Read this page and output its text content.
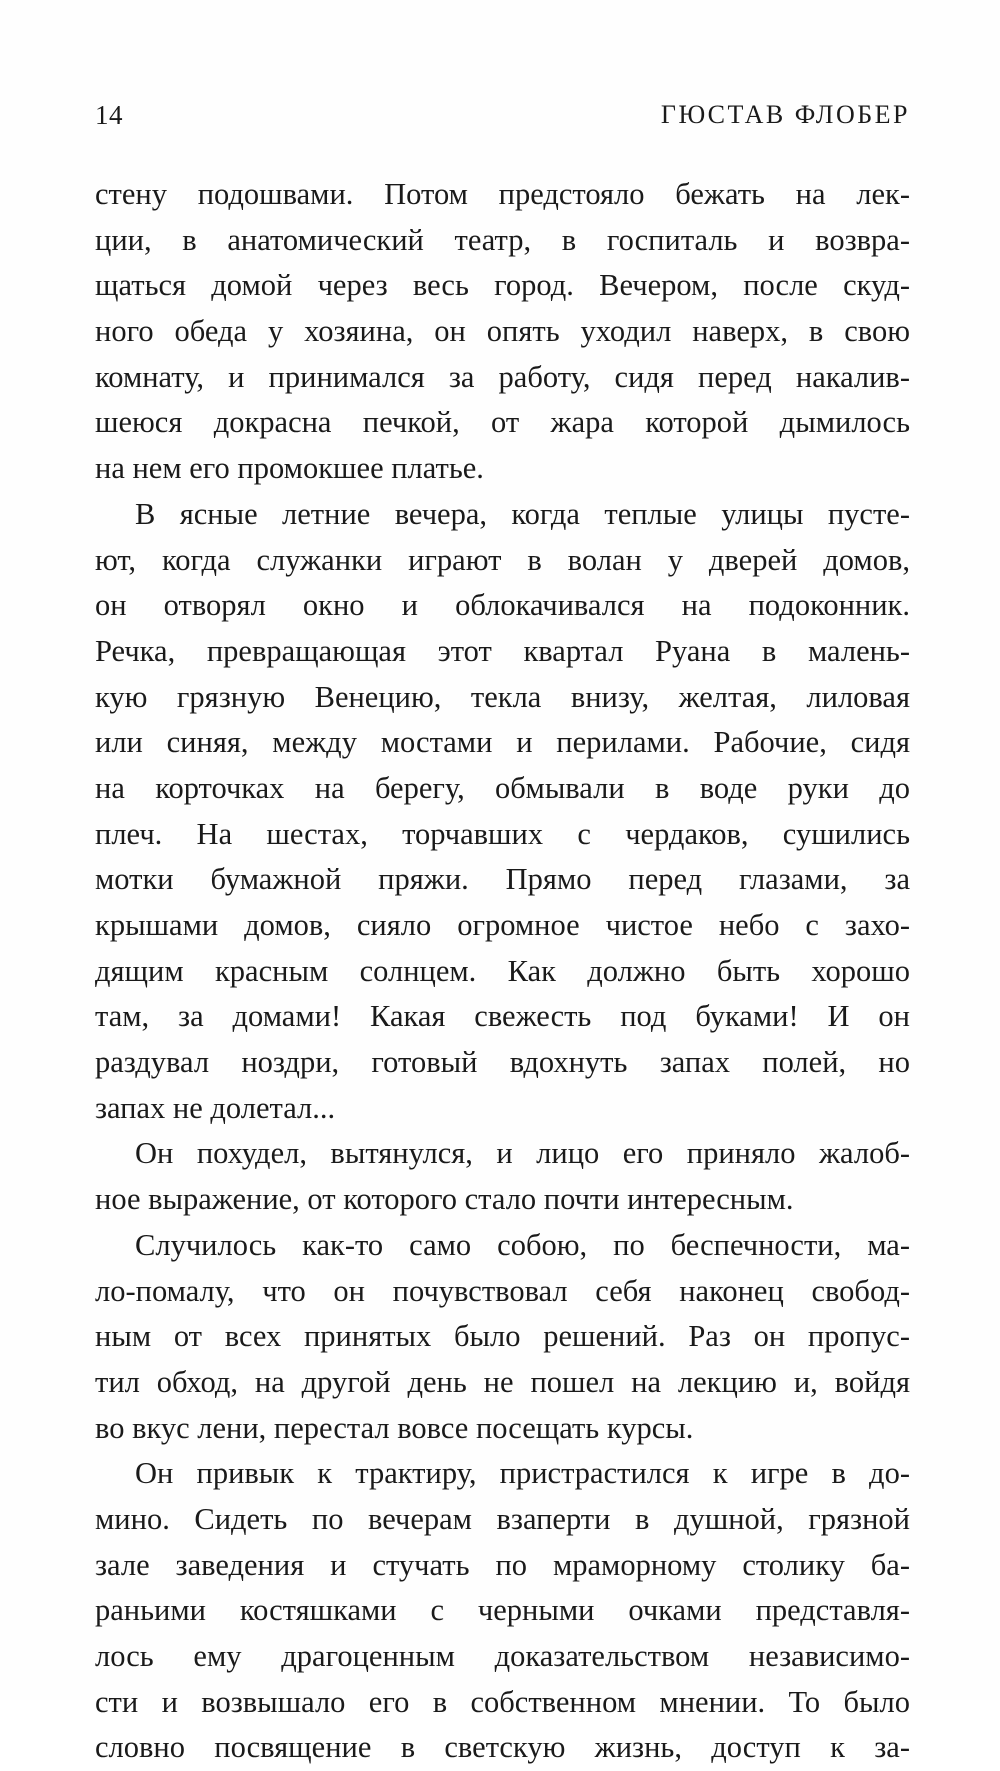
14	ГЮСТАВ ФЛОБЕР
стену подошвами. Потом предстояло бежать на лек-
ции, в анатомический театр, в госпиталь и возвра-
щаться домой через весь город. Вечером, после скуд-
ного обеда у хозяина, он опять уходил наверх, в свою
комнату, и принимался за работу, сидя перед накалив-
шеюся докрасна печкой, от жара которой дымилось
на нем его промокшее платье.
В ясные летние вечера, когда теплые улицы пусте-
ют, когда служанки играют в волан у дверей домов,
он отворял окно и облокачивался на подоконник.
Речка, превращающая этот квартал Руана в малень-
кую грязную Венецию, текла внизу, желтая, лиловая
или синяя, между мостами и перилами. Рабочие, сидя
на корточках на берегу, обмывали в воде руки до
плеч. На шестах, торчавших с чердаков, сушились
мотки бумажной пряжи. Прямо перед глазами, за
крышами домов, сияло огромное чистое небо с захо-
дящим красным солнцем. Как должно быть хорошо
там, за домами! Какая свежесть под буками! И он
раздувал ноздри, готовый вдохнуть запах полей, но
запах не долетал...
Он похудел, вытянулся, и лицо его приняло жалоб-
ное выражение, от которого стало почти интересным.
Случилось как-то само собою, по беспечности, ма-
ло-помалу, что он почувствовал себя наконец свобод-
ным от всех принятых было решений. Раз он пропус-
тил обход, на другой день не пошел на лекцию и, войдя
во вкус лени, перестал вовсе посещать курсы.
Он привык к трактиру, пристрастился к игре в до-
мино. Сидеть по вечерам взаперти в душной, грязной
зале заведения и стучать по мраморному столику ба-
раньими костяшками с черными очками представля-
лось ему драгоценным доказательством независимо-
сти и возвышало его в собственном мнении. То было
словно посвящение в светскую жизнь, доступ к за-
